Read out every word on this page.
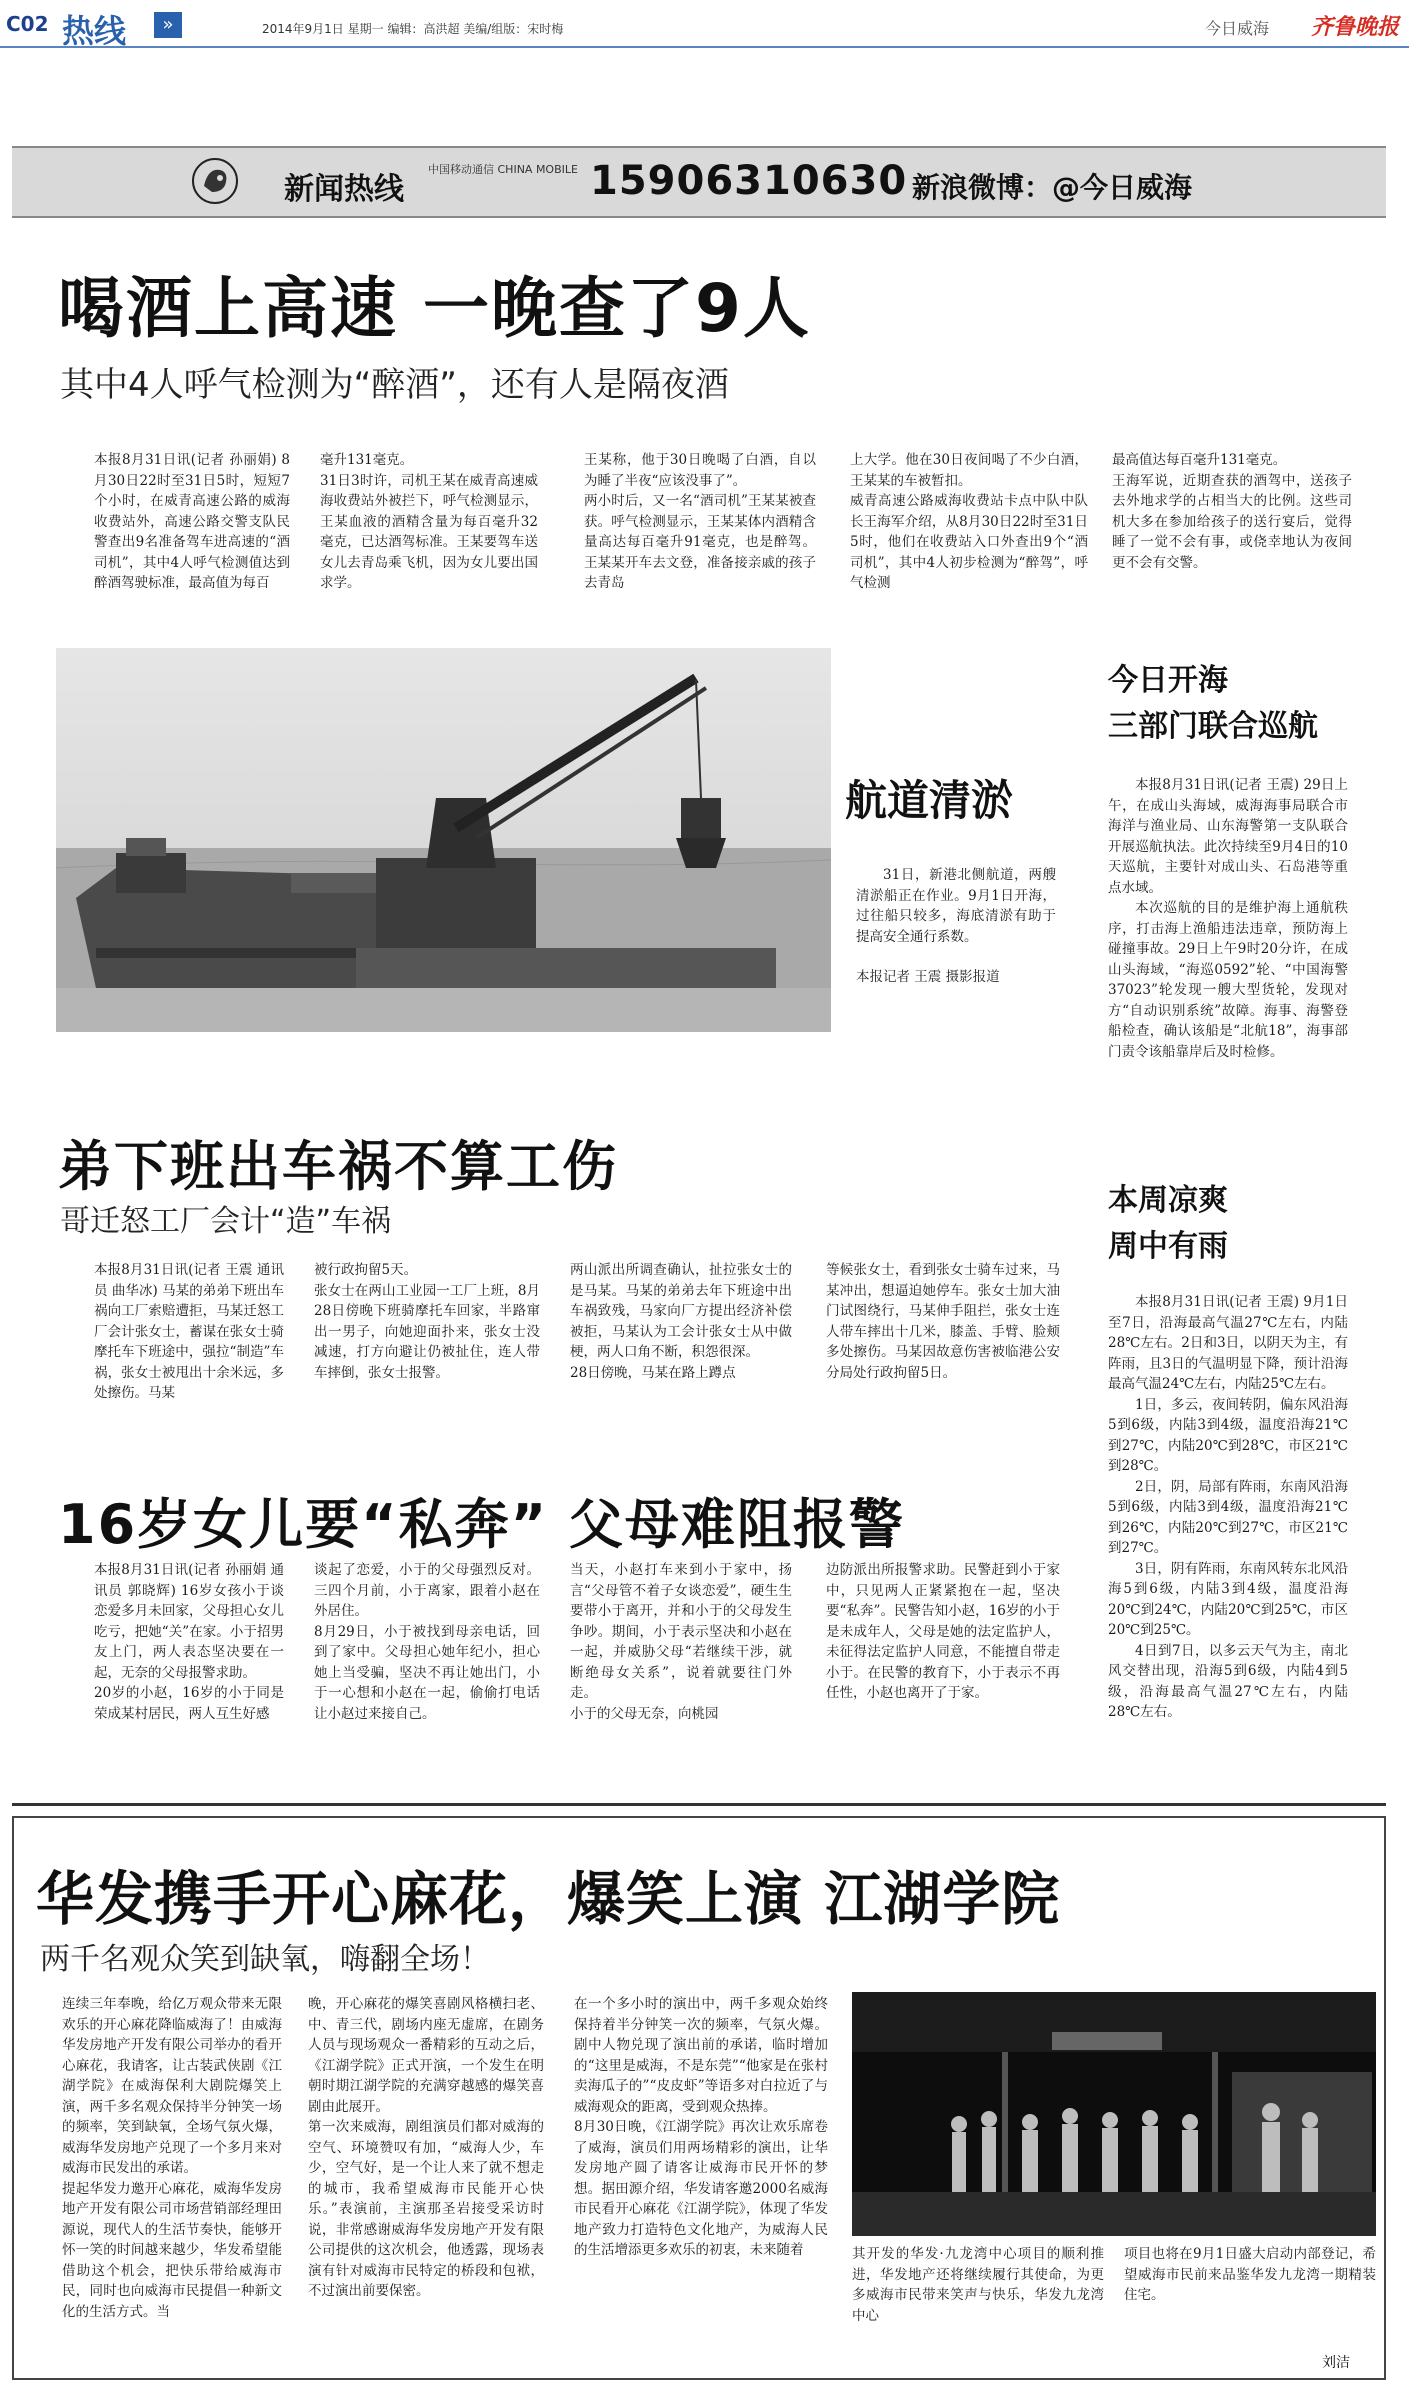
C02 热线	»	2014年9月1日 星期一 编辑：高洪超 美编/组版：宋时梅	今日威海 齐鲁晚报
新闻热线
中国移动通信 CHINA MOBILE 15906310630 新浪微博：@今日威海
喝酒上高速 一晚查了9人
其中4人呼气检测为“醉酒”，还有人是隔夜酒
本报8月31日讯(记者 孙丽娟) 8月30日22时至31日5时，短短7个小时，在威青高速公路的威海收费站外，高速公路交警支队民警查出9名准备驾车进高速的“酒司机”，其中4人呼气检测值达到醉酒驾驶标准，最高值为每百
毫升131毫克。
31日3时许，司机王某在威青高速威海收费站外被拦下，呼气检测显示，王某血液的酒精含量为每百毫升32毫克，已达酒驾标准。王某要驾车送女儿去青岛乘飞机，因为女儿要出国求学。
王某称，他于30日晚喝了白酒，自以为睡了半夜“应该没事了”。
两小时后，又一名“酒司机”王某某被查获。呼气检测显示，王某某体内酒精含量高达每百毫升91毫克，也是醉驾。王某某开车去文登，准备接亲戚的孩子去青岛
上大学。他在30日夜间喝了不少白酒，王某某的车被暂扣。
威青高速公路威海收费站卡点中队中队长王海军介绍，从8月30日22时至31日5时，他们在收费站入口外查出9个“酒司机”，其中4人初步检测为“醉驾”，呼气检测
最高值达每百毫升131毫克。
王海军说，近期查获的酒驾中，送孩子去外地求学的占相当大的比例。这些司机大多在参加给孩子的送行宴后，觉得睡了一觉不会有事，或侥幸地认为夜间更不会有交警。
航道清淤
31日，新港北侧航道，两艘清淤船正在作业。9月1日开海，过往船只较多，海底清淤有助于提高安全通行系数。
本报记者 王震 摄影报道
今日开海
三部门联合巡航

本报8月31日讯(记者 王震) 29日上午，在成山头海域，威海海事局联合市海洋与渔业局、山东海警第一支队联合开展巡航执法。此次持续至9月4日的10天巡航，主要针对成山头、石岛港等重点水域。

本次巡航的目的是维护海上通航秩序，打击海上渔船违法违章，预防海上碰撞事故。29日上午9时20分许，在成山头海域，“海巡0592”轮、“中国海警37023”轮发现一艘大型货轮，发现对方“自动识别系统”故障。海事、海警登船检查，确认该船是“北航18”，海事部门责令该船靠岸后及时检修。

本周凉爽
周中有雨

本报8月31日讯(记者 王震) 9月1日至7日，沿海最高气温27℃左右，内陆28℃左右。2日和3日，以阴天为主，有阵雨，且3日的气温明显下降，预计沿海最高气温24℃左右，内陆25℃左右。

1日，多云，夜间转阴，偏东风沿海5到6级，内陆3到4级，温度沿海21℃到27℃，内陆20℃到28℃，市区21℃到28℃。

2日，阴，局部有阵雨，东南风沿海5到6级，内陆3到4级，温度沿海21℃到26℃，内陆20℃到27℃，市区21℃到27℃。

3日，阴有阵雨，东南风转东北风沿海5到6级，内陆3到4级，温度沿海20℃到24℃，内陆20℃到25℃，市区20℃到25℃。

4日到7日，以多云天气为主，南北风交替出现，沿海5到6级，内陆4到5级，沿海最高气温27℃左右，内陆28℃左右。

弟下班出车祸不算工伤
哥迁怒工厂会计“造”车祸
本报8月31日讯(记者 王震 通讯员 曲华冰) 马某的弟弟下班出车祸向工厂索赔遭拒，马某迁怒工厂会计张女士，蓄谋在张女士骑摩托车下班途中，强拉“制造”车祸，张女士被甩出十余米远，多处擦伤。马某
被行政拘留5天。
张女士在两山工业园一工厂上班，8月28日傍晚下班骑摩托车回家，半路窜出一男子，向她迎面扑来，张女士没减速，打方向避让仍被扯住，连人带车摔倒，张女士报警。
两山派出所调查确认，扯拉张女士的是马某。马某的弟弟去年下班途中出车祸致残，马家向厂方提出经济补偿被拒，马某认为工会计张女士从中做梗，两人口角不断，积怨很深。
28日傍晚，马某在路上蹲点
等候张女士，看到张女士骑车过来，马某冲出，想逼迫她停车。张女士加大油门试图绕行，马某伸手阻拦，张女士连人带车摔出十几米，膝盖、手臂、脸颊多处擦伤。马某因故意伤害被临港公安分局处行政拘留5日。
16岁女儿要“私奔” 父母难阻报警
本报8月31日讯(记者 孙丽娟 通讯员 郭晓辉) 16岁女孩小于谈恋爱多月未回家，父母担心女儿吃亏，把她“关”在家。小于招男友上门，两人表态坚决要在一起，无奈的父母报警求助。
20岁的小赵，16岁的小于同是荣成某村居民，两人互生好感
谈起了恋爱，小于的父母强烈反对。三四个月前，小于离家，跟着小赵在外居住。
8月29日，小于被找到母亲电话，回到了家中。父母担心她年纪小，担心她上当受骗，坚决不再让她出门，小于一心想和小赵在一起，偷偷打电话让小赵过来接自己。
当天，小赵打车来到小于家中，扬言“父母管不着子女谈恋爱”，硬生生要带小于离开，并和小于的父母发生争吵。期间，小于表示坚决和小赵在一起，并威胁父母“若继续干涉，就断绝母女关系”，说着就要往门外走。
小于的父母无奈，向桃园
边防派出所报警求助。民警赶到小于家中，只见两人正紧紧抱在一起，坚决要“私奔”。民警告知小赵，16岁的小于是未成年人，父母是她的法定监护人，未征得法定监护人同意，不能擅自带走小于。在民警的教育下，小于表示不再任性，小赵也离开了于家。
华发携手开心麻花，爆笑上演 江湖学院
两千名观众笑到缺氧，嗨翻全场！
连续三年奉晚，给亿万观众带来无限欢乐的开心麻花降临威海了！由威海华发房地产开发有限公司举办的看开心麻花，我请客，让古装武侠剧《江湖学院》在威海保利大剧院爆笑上演，两千多名观众保持半分钟笑一场的频率，笑到缺氧，全场气氛火爆，威海华发房地产兑现了一个多月来对威海市民发出的承诺。
提起华发力邀开心麻花，威海华发房地产开发有限公司市场营销部经理田源说，现代人的生活节奏快，能够开怀一笑的时间越来越少，华发希望能借助这个机会，把快乐带给威海市民，同时也向威海市民提倡一种新文化的生活方式。当
晚，开心麻花的爆笑喜剧风格横扫老、中、青三代，剧场内座无虚席，在剧务人员与现场观众一番精彩的互动之后，《江湖学院》正式开演，一个发生在明朝时期江湖学院的充满穿越感的爆笑喜剧由此展开。
第一次来威海，剧组演员们都对威海的空气、环境赞叹有加，“威海人少，车少，空气好，是一个让人来了就不想走的城市，我希望威海市民能开心快乐。”表演前，主演那圣岩接受采访时说，非常感谢威海华发房地产开发有限公司提供的这次机会，他透露，现场表演有针对威海市民特定的桥段和包袱，不过演出前要保密。
在一个多小时的演出中，两千多观众始终保持着半分钟笑一次的频率，气氛火爆。剧中人物兑现了演出前的承诺，临时增加的“这里是威海，不是东莞”“他家是在张村卖海瓜子的”“皮皮虾”等语多对白拉近了与威海观众的距离，受到观众热捧。
8月30日晚，《江湖学院》再次让欢乐席卷了威海，演员们用两场精彩的演出，让华发房地产圆了请客让威海市民开怀的梦想。据田源介绍，华发请客邀2000名威海市民看开心麻花《江湖学院》，体现了华发地产致力打造特色文化地产，为威海人民的生活增添更多欢乐的初衷，未来随着	其开发的华发·九龙湾中心项目的顺利推进，华发地产还将继续履行其使命，为更多威海市民带来笑声与快乐，华发九龙湾中心
项目也将在9月1日盛大启动内部登记，希望威海市民前来品鉴华发九龙湾一期精装住宅。
刘洁
